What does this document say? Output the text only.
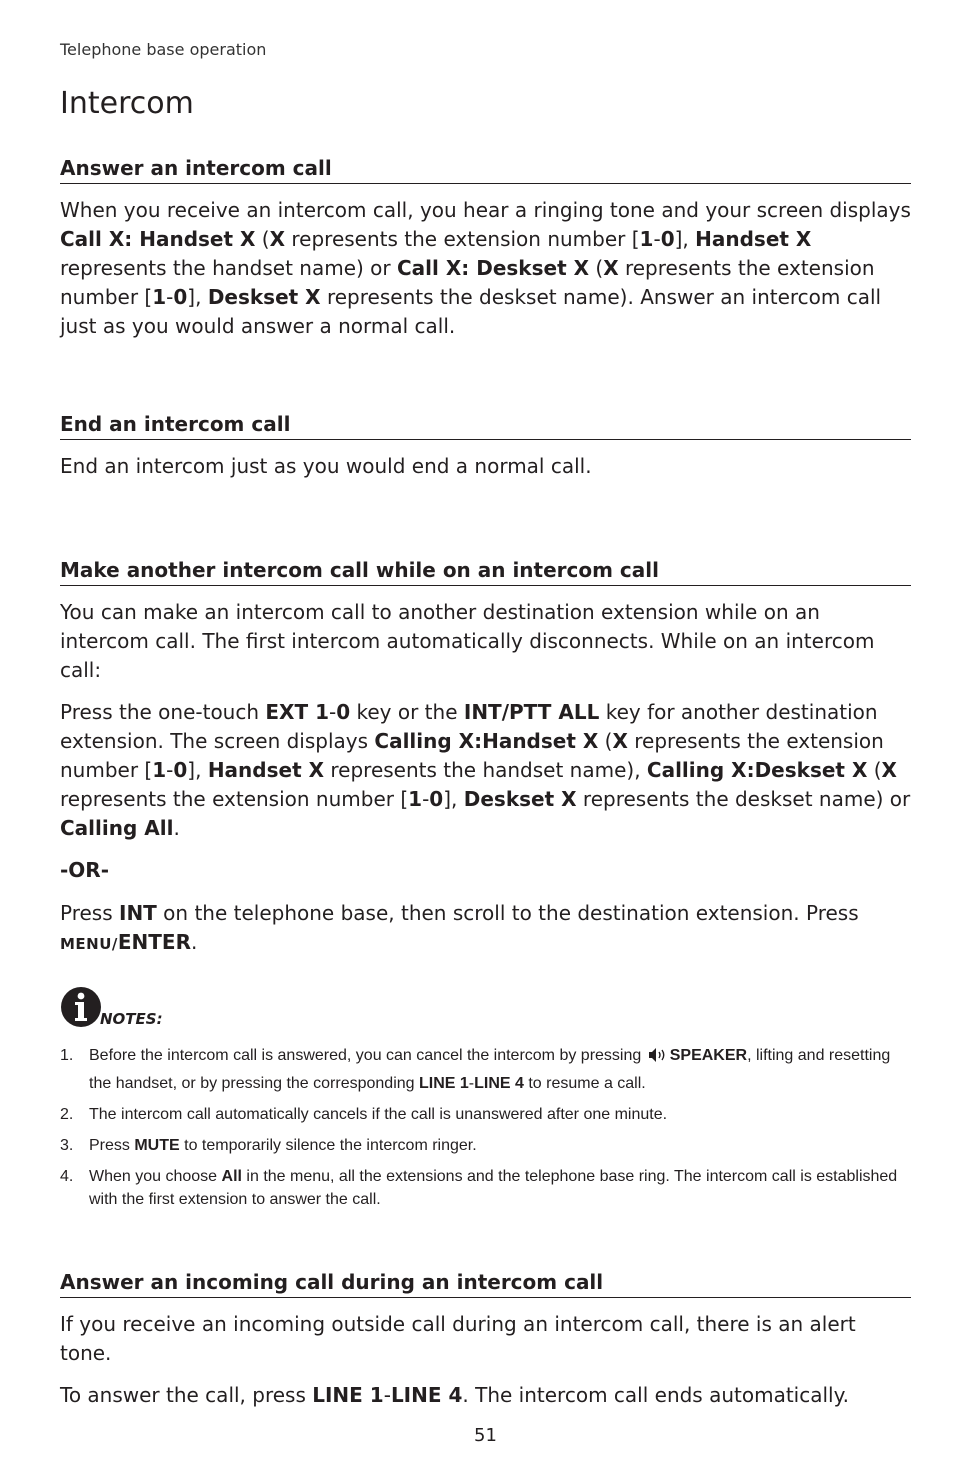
Telephone base operation
Intercom
Answer an intercom call

When you receive an intercom call, you hear a ringing tone and your screen displays Call X: Handset X (X represents the extension number [1-0], Handset X represents the handset name) or Call X: Deskset X (X represents the extension number [1-0], Deskset X represents the deskset name). Answer an intercom call just as you would answer a normal call.

End an intercom call

End an intercom just as you would end a normal call.

Make another intercom call while on an intercom call

You can make an intercom call to another destination extension while on an intercom call. The first intercom automatically disconnects. While on an intercom call:

Press the one-touch EXT 1-0 key or the INT/PTT ALL key for another destination extension. The screen displays Calling X:Handset X (X represents the extension number [1-0], Handset X represents the handset name), Calling X:Deskset X (X represents the extension number [1-0], Deskset X represents the deskset name) or Calling All.

-OR-

Press INT on the telephone base, then scroll to the destination extension. Press MENU/ENTER.

NOTES:
1. Before the intercom call is answered, you can cancel the intercom by pressing SPEAKER, lifting and resetting the handset, or by pressing the corresponding LINE 1-LINE 4 to resume a call.
2. The intercom call automatically cancels if the call is unanswered after one minute.
3. Press MUTE to temporarily silence the intercom ringer.
4. When you choose All in the menu, all the extensions and the telephone base ring. The intercom call is established with the first extension to answer the call.
Answer an incoming call during an intercom call

If you receive an incoming outside call during an intercom call, there is an alert tone.

To answer the call, press LINE 1-LINE 4. The intercom call ends automatically.

51
